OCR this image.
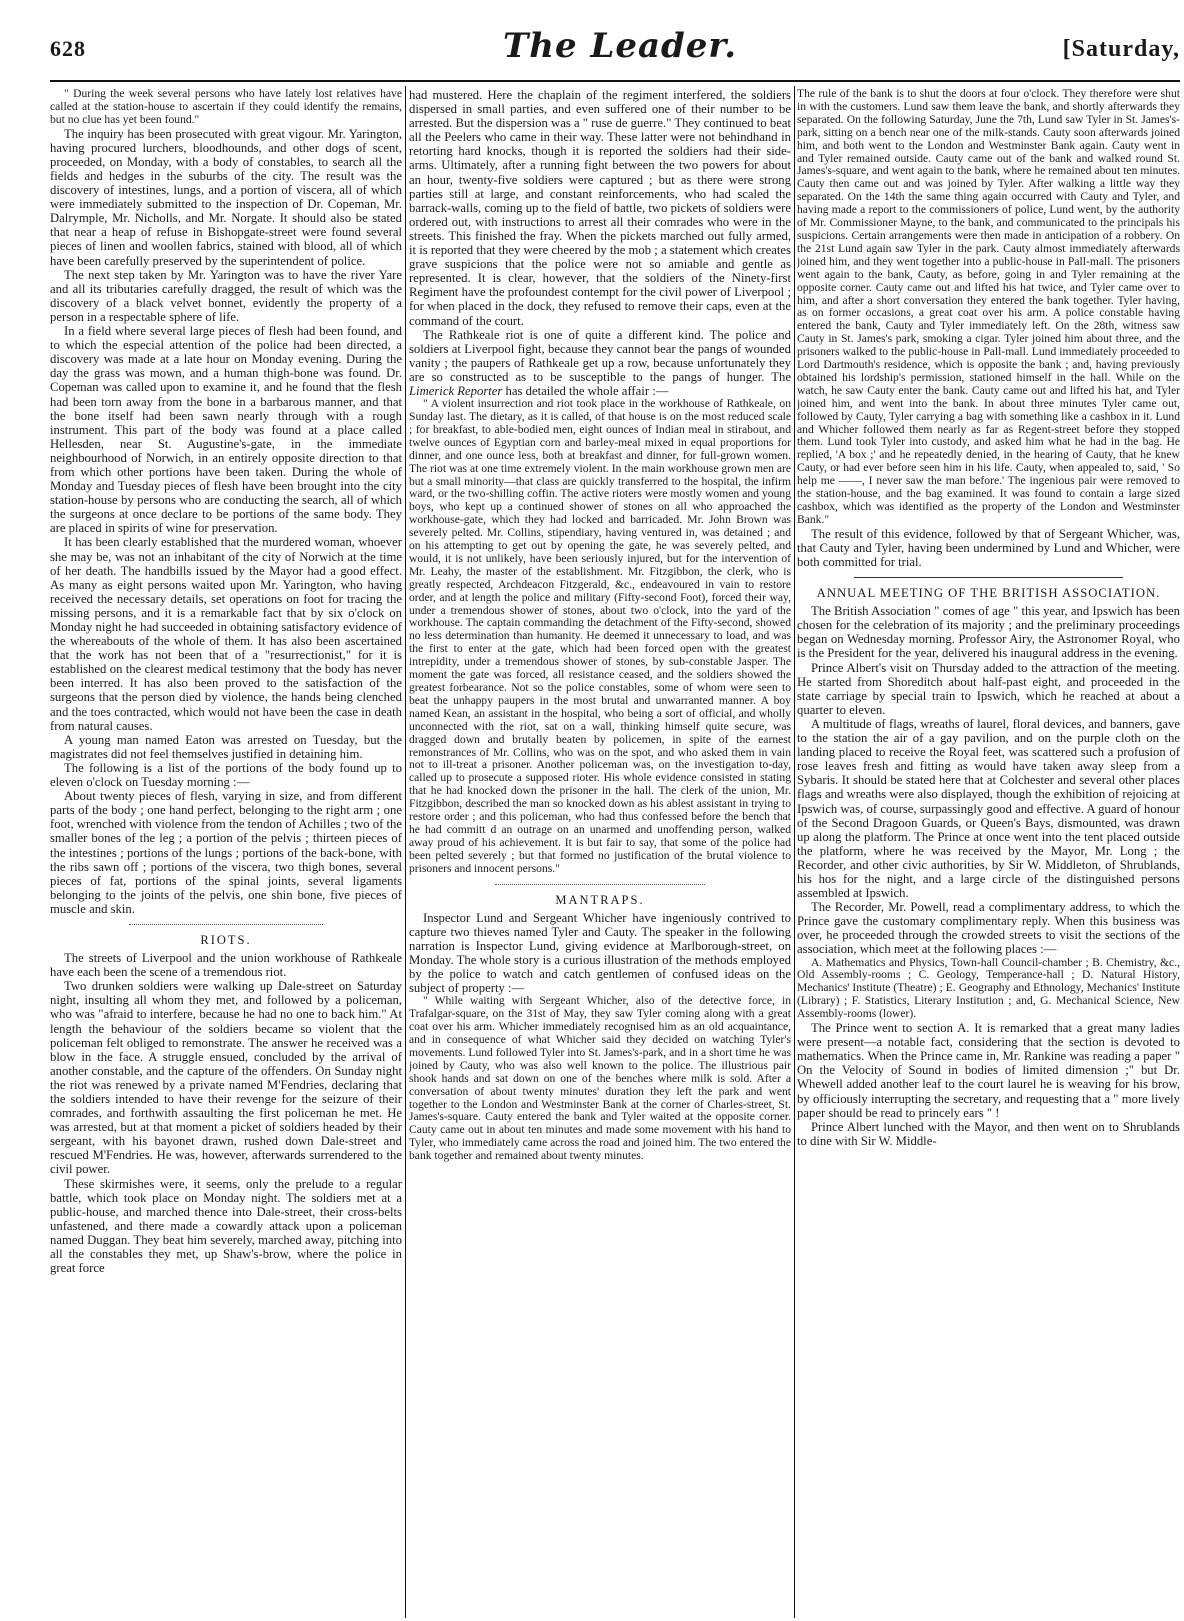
628	The Leader.	[Saturday,

" During the week several persons who have lately lost relatives have called at the station-house to ascertain if they could identify the remains, but no clue has yet been found."

The inquiry has been prosecuted with great vigour. Mr. Yarington, having procured lurchers, bloodhounds, and other dogs of scent, proceeded, on Monday, with a body of constables, to search all the fields and hedges in the suburbs of the city. The result was the discovery of intestines, lungs, and a portion of viscera, all of which were immediately submitted to the inspection of Dr. Copeman, Mr. Dalrymple, Mr. Nicholls, and Mr. Norgate. It should also be stated that near a heap of refuse in Bishopgate-street were found several pieces of linen and woollen fabrics, stained with blood, all of which have been carefully preserved by the superintendent of police.

The next step taken by Mr. Yarington was to have the river Yare and all its tributaries carefully dragged, the result of which was the discovery of a black velvet bonnet, evidently the property of a person in a respectable sphere of life.

In a field where several large pieces of flesh had been found, and to which the especial attention of the police had been directed, a discovery was made at a late hour on Monday evening. During the day the grass was mown, and a human thigh-bone was found. Dr. Copeman was called upon to examine it, and he found that the flesh had been torn away from the bone in a barbarous manner, and that the bone itself had been sawn nearly through with a rough instrument. This part of the body was found at a place called Hellesden, near St. Augustine's-gate, in the immediate neighbourhood of Norwich, in an entirely opposite direction to that from which other portions have been taken. During the whole of Monday and Tuesday pieces of flesh have been brought into the city station-house by persons who are conducting the search, all of which the surgeons at once declare to be portions of the same body. They are placed in spirits of wine for preservation.

It has been clearly established that the murdered woman, whoever she may be, was not an inhabitant of the city of Norwich at the time of her death. The handbills issued by the Mayor had a good effect. As many as eight persons waited upon Mr. Yarington, who having received the necessary details, set operations on foot for tracing the missing persons, and it is a remarkable fact that by six o'clock on Monday night he had succeeded in obtaining satisfactory evidence of the whereabouts of the whole of them. It has also been ascertained that the work has not been that of a "resurrectionist," for it is established on the clearest medical testimony that the body has never been interred. It has also been proved to the satisfaction of the surgeons that the person died by violence, the hands being clenched and the toes contracted, which would not have been the case in death from natural causes.

A young man named Eaton was arrested on Tuesday, but the magistrates did not feel themselves justified in detaining him.

The following is a list of the portions of the body found up to eleven o'clock on Tuesday morning :—

About twenty pieces of flesh, varying in size, and from different parts of the body ; one hand perfect, belonging to the right arm ; one foot, wrenched with violence from the tendon of Achilles ; two of the smaller bones of the leg ; a portion of the pelvis ; thirteen pieces of the intestines ; portions of the lungs ; portions of the back-bone, with the ribs sawn off ; portions of the viscera, two thigh bones, several pieces of fat, portions of the spinal joints, several ligaments belonging to the joints of the pelvis, one shin bone, five pieces of muscle and skin.

RIOTS.

The streets of Liverpool and the union workhouse of Rathkeale have each been the scene of a tremendous riot.

Two drunken soldiers were walking up Dale-street on Saturday night, insulting all whom they met, and followed by a policeman, who was "afraid to interfere, because he had no one to back him." At length the behaviour of the soldiers became so violent that the policeman felt obliged to remonstrate. The answer he received was a blow in the face. A struggle ensued, concluded by the arrival of another constable, and the capture of the offenders. On Sunday night the riot was renewed by a private named M'Fendries, declaring that the soldiers intended to have their revenge for the seizure of their comrades, and forthwith assaulting the first policeman he met. He was arrested, but at that moment a picket of soldiers headed by their sergeant, with his bayonet drawn, rushed down Dale-street and rescued M'Fendries. He was, however, afterwards surrendered to the civil power.

These skirmishes were, it seems, only the prelude to a regular battle, which took place on Monday night. The soldiers met at a public-house, and marched thence into Dale-street, their cross-belts unfastened, and there made a cowardly attack upon a policeman named Duggan. They beat him severely, marched away, pitching into all the constables they met, up Shaw's-brow, where the police in great force

had mustered. Here the chaplain of the regiment interfered, the soldiers dispersed in small parties, and even suffered one of their number to be arrested. But the dispersion was a " ruse de guerre." They continued to beat all the Peelers who came in their way. These latter were not behindhand in retorting hard knocks, though it is reported the soldiers had their side-arms. Ultimately, after a running fight between the two powers for about an hour, twenty-five soldiers were captured ; but as there were strong parties still at large, and constant reinforcements, who had scaled the barrack-walls, coming up to the field of battle, two pickets of soldiers were ordered out, with instructions to arrest all their comrades who were in the streets. This finished the fray. When the pickets marched out fully armed, it is reported that they were cheered by the mob ; a statement which creates grave suspicions that the police were not so amiable and gentle as represented. It is clear, however, that the soldiers of the Ninety-first Regiment have the profoundest contempt for the civil power of Liverpool ; for when placed in the dock, they refused to remove their caps, even at the command of the court.

The Rathkeale riot is one of quite a different kind. The police and soldiers at Liverpool fight, because they cannot bear the pangs of wounded vanity ; the paupers of Rathkeale get up a row, because unfortunately they are so constructed as to be susceptible to the pangs of hunger. The Limerick Reporter has detailed the whole affair :—

" A violent insurrection and riot took place in the workhouse of Rathkeale, on Sunday last. The dietary, as it is called, of that house is on the most reduced scale ; for breakfast, to able-bodied men, eight ounces of Indian meal in stirabout, and twelve ounces of Egyptian corn and barley-meal mixed in equal proportions for dinner, and one ounce less, both at breakfast and dinner, for full-grown women. The riot was at one time extremely violent. In the main workhouse grown men are but a small minority—that class are quickly transferred to the hospital, the infirm ward, or the two-shilling coffin. The active rioters were mostly women and young boys, who kept up a continued shower of stones on all who approached the workhouse-gate, which they had locked and barricaded. Mr. John Brown was severely pelted. Mr. Collins, stipendiary, having ventured in, was detained ; and on his attempting to get out by opening the gate, he was severely pelted, and would, it is not unlikely, have been seriously injured, but for the intervention of Mr. Leahy, the master of the establishment. Mr. Fitzgibbon, the clerk, who is greatly respected, Archdeacon Fitzgerald, &c., endeavoured in vain to restore order, and at length the police and military (Fifty-second Foot), forced their way, under a tremendous shower of stones, about two o'clock, into the yard of the workhouse. The captain commanding the detachment of the Fifty-second, showed no less determination than humanity. He deemed it unnecessary to load, and was the first to enter at the gate, which had been forced open with the greatest intrepidity, under a tremendous shower of stones, by sub-constable Jasper. The moment the gate was forced, all resistance ceased, and the soldiers showed the greatest forbearance. Not so the police constables, some of whom were seen to beat the unhappy paupers in the most brutal and unwarranted manner. A boy named Kean, an assistant in the hospital, who being a sort of official, and wholly unconnected with the riot, sat on a wall, thinking himself quite secure, was dragged down and brutally beaten by policemen, in spite of the earnest remonstrances of Mr. Collins, who was on the spot, and who asked them in vain not to ill-treat a prisoner. Another policeman was, on the investigation to-day, called up to prosecute a supposed rioter. His whole evidence consisted in stating that he had knocked down the prisoner in the hall. The clerk of the union, Mr. Fitzgibbon, described the man so knocked down as his ablest assistant in trying to restore order ; and this policeman, who had thus confessed before the bench that he had committ d an outrage on an unarmed and unoffending person, walked away proud of his achievement. It is but fair to say, that some of the police had been pelted severely ; but that formed no justification of the brutal violence to prisoners and innocent persons."

MANTRAPS.

Inspector Lund and Sergeant Whicher have ingeniously contrived to capture two thieves named Tyler and Cauty. The speaker in the following narration is Inspector Lund, giving evidence at Marlborough-street, on Monday. The whole story is a curious illustration of the methods employed by the police to watch and catch gentlemen of confused ideas on the subject of property :—

" While waiting with Sergeant Whicher, also of the detective force, in Trafalgar-square, on the 31st of May, they saw Tyler coming along with a great coat over his arm. Whicher immediately recognised him as an old acquaintance, and in consequence of what Whicher said they decided on watching Tyler's movements. Lund followed Tyler into St. James's-park, and in a short time he was joined by Cauty, who was also well known to the police. The illustrious pair shook hands and sat down on one of the benches where milk is sold. After a conversation of about twenty minutes' duration they left the park and went together to the London and Westminster Bank at the corner of Charles-street, St. James's-square. Cauty entered the bank and Tyler waited at the opposite corner. Cauty came out in about ten minutes and made some movement with his hand to Tyler, who immediately came across the road and joined him. The two entered the bank together and remained about twenty minutes.

The rule of the bank is to shut the doors at four o'clock. They therefore were shut in with the customers. Lund saw them leave the bank, and shortly afterwards they separated. On the following Saturday, June the 7th, Lund saw Tyler in St. James's-park, sitting on a bench near one of the milk-stands. Cauty soon afterwards joined him, and both went to the London and Westminster Bank again. Cauty went in and Tyler remained outside. Cauty came out of the bank and walked round St. James's-square, and went again to the bank, where he remained about ten minutes. Cauty then came out and was joined by Tyler. After walking a little way they separated. On the 14th the same thing again occurred with Cauty and Tyler, and having made a report to the commissioners of police, Lund went, by the authority of Mr. Commissioner Mayne, to the bank, and communicated to the principals his suspicions. Certain arrangements were then made in anticipation of a robbery. On the 21st Lund again saw Tyler in the park. Cauty almost immediately afterwards joined him, and they went together into a public-house in Pall-mall. The prisoners went again to the bank, Cauty, as before, going in and Tyler remaining at the opposite corner. Cauty came out and lifted his hat twice, and Tyler came over to him, and after a short conversation they entered the bank together. Tyler having, as on former occasions, a great coat over his arm. A police constable having entered the bank, Cauty and Tyler immediately left. On the 28th, witness saw Cauty in St. James's park, smoking a cigar. Tyler joined him about three, and the prisoners walked to the public-house in Pall-mall. Lund immediately proceeded to Lord Dartmouth's residence, which is opposite the bank ; and, having previously obtained his lordship's permission, stationed himself in the hall. While on the watch, he saw Cauty enter the bank. Cauty came out and lifted his hat, and Tyler joined him, and went into the bank. In about three minutes Tyler came out, followed by Cauty, Tyler carrying a bag with something like a cashbox in it. Lund and Whicher followed them nearly as far as Regent-street before they stopped them. Lund took Tyler into custody, and asked him what he had in the bag. He replied, 'A box ;' and he repeatedly denied, in the hearing of Cauty, that he knew Cauty, or had ever before seen him in his life. Cauty, when appealed to, said, ' So help me ——, I never saw the man before.' The ingenious pair were removed to the station-house, and the bag examined. It was found to contain a large sized cashbox, which was identified as the property of the London and Westminster Bank."

The result of this evidence, followed by that of Sergeant Whicher, was, that Cauty and Tyler, having been undermined by Lund and Whicher, were both committed for trial.

ANNUAL MEETING OF THE BRITISH ASSOCIATION.

The British Association " comes of age " this year, and Ipswich has been chosen for the celebration of its majority ; and the preliminary proceedings began on Wednesday morning. Professor Airy, the Astronomer Royal, who is the President for the year, delivered his inaugural address in the evening.

Prince Albert's visit on Thursday added to the attraction of the meeting. He started from Shoreditch about half-past eight, and proceeded in the state carriage by special train to Ipswich, which he reached at about a quarter to eleven.

A multitude of flags, wreaths of laurel, floral devices, and banners, gave to the station the air of a gay pavilion, and on the purple cloth on the landing placed to receive the Royal feet, was scattered such a profusion of rose leaves fresh and fitting as would have taken away sleep from a Sybaris. It should be stated here that at Colchester and several other places flags and wreaths were also displayed, though the exhibition of rejoicing at Ipswich was, of course, surpassingly good and effective. A guard of honour of the Second Dragoon Guards, or Queen's Bays, dismounted, was drawn up along the platform. The Prince at once went into the tent placed outside the platform, where he was received by the Mayor, Mr. Long ; the Recorder, and other civic authorities, by Sir W. Middleton, of Shrublands, his hos for the night, and a large circle of the distinguished persons assembled at Ipswich.

The Recorder, Mr. Powell, read a complimentary address, to which the Prince gave the customary complimentary reply. When this business was over, he proceeded through the crowded streets to visit the sections of the association, which meet at the following places :—

A. Mathematics and Physics, Town-hall Council-chamber ; B. Chemistry, &c., Old Assembly-rooms ; C. Geology, Temperance-hall ; D. Natural History, Mechanics' Institute (Theatre) ; E. Geography and Ethnology, Mechanics' Institute (Library) ; F. Statistics, Literary Institution ; and, G. Mechanical Science, New Assembly-rooms (lower).

The Prince went to section A. It is remarked that a great many ladies were present—a notable fact, considering that the section is devoted to mathematics. When the Prince came in, Mr. Rankine was reading a paper " On the Velocity of Sound in bodies of limited dimension ;" but Dr. Whewell added another leaf to the court laurel he is weaving for his brow, by officiously interrupting the secretary, and requesting that a " more lively paper should be read to princely ears " !

Prince Albert lunched with the Mayor, and then went on to Shrublands to dine with Sir W. Middle-
